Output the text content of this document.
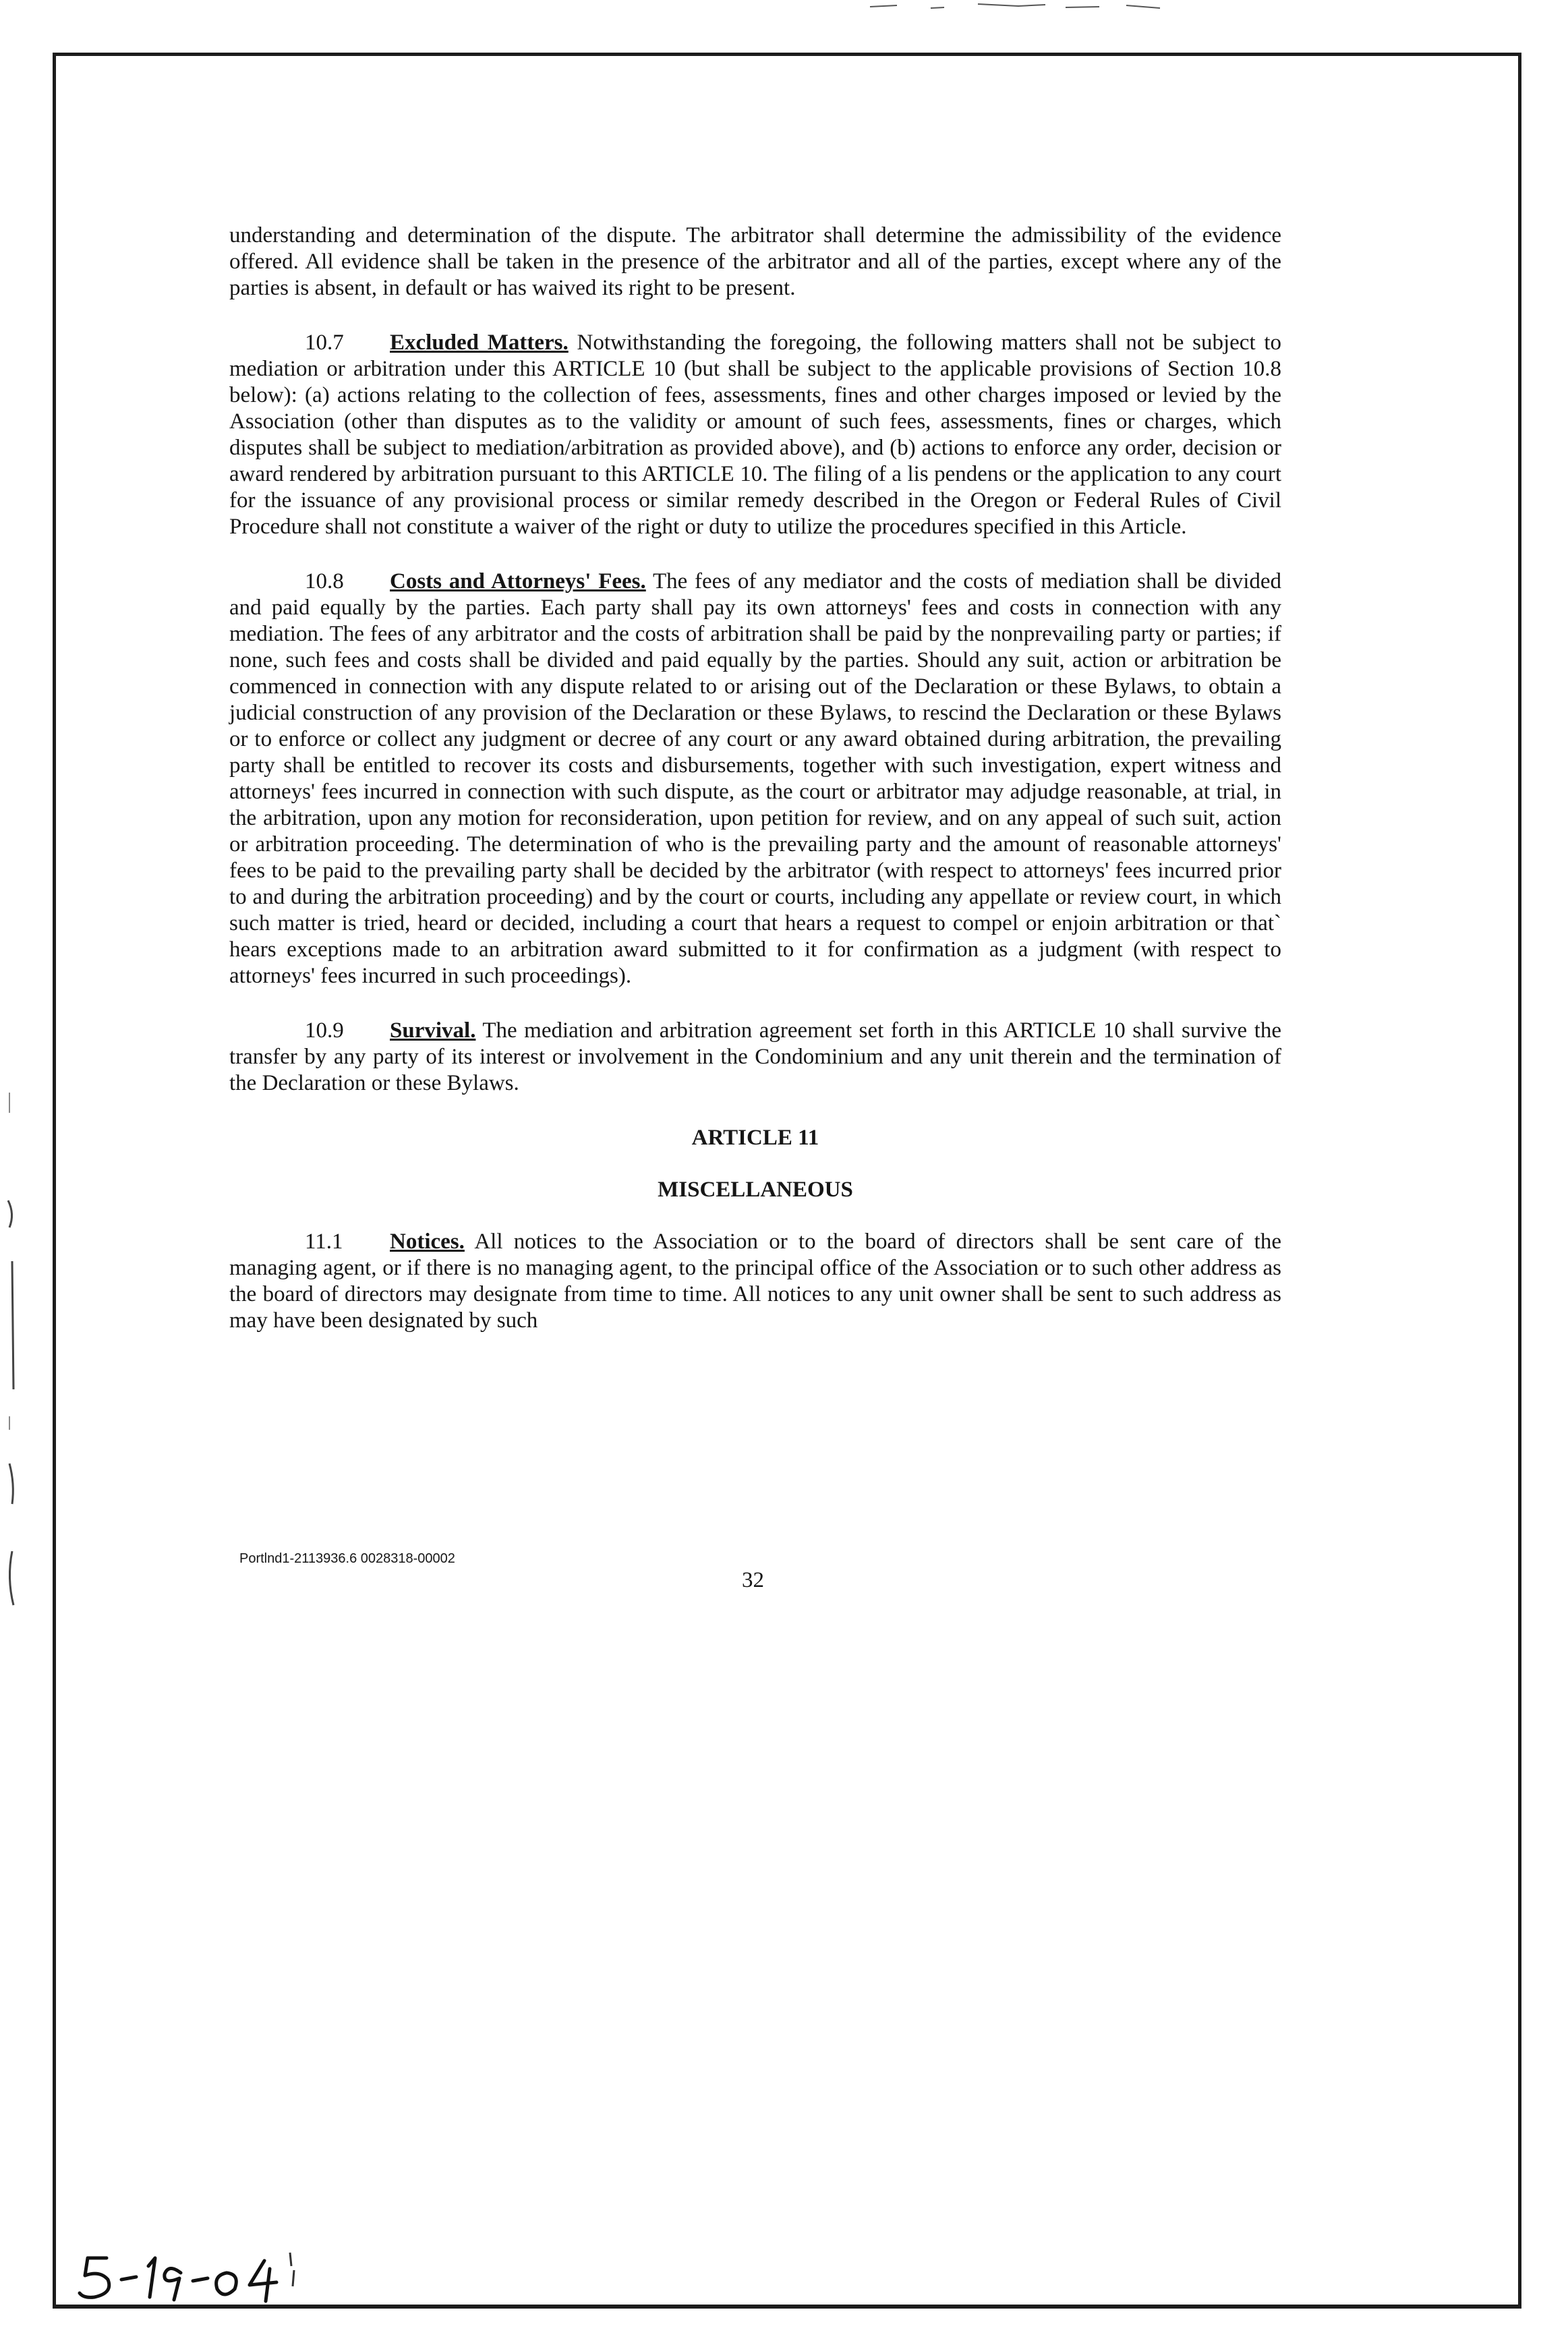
understanding and determination of the dispute. The arbitrator shall determine the admissibility of the evidence offered. All evidence shall be taken in the presence of the arbitrator and all of the parties, except where any of the parties is absent, in default or has waived its right to be present.

10.7 Excluded Matters. Notwithstanding the foregoing, the following matters shall not be subject to mediation or arbitration under this ARTICLE 10 (but shall be subject to the applicable provisions of Section 10.8 below): (a) actions relating to the collection of fees, assessments, fines and other charges imposed or levied by the Association (other than disputes as to the validity or amount of such fees, assessments, fines or charges, which disputes shall be subject to mediation/arbitration as provided above), and (b) actions to enforce any order, decision or award rendered by arbitration pursuant to this ARTICLE 10. The filing of a lis pendens or the application to any court for the issuance of any provisional process or similar remedy described in the Oregon or Federal Rules of Civil Procedure shall not constitute a waiver of the right or duty to utilize the procedures specified in this Article.

10.8 Costs and Attorneys' Fees. The fees of any mediator and the costs of mediation shall be divided and paid equally by the parties. Each party shall pay its own attorneys' fees and costs in connection with any mediation. The fees of any arbitrator and the costs of arbitration shall be paid by the nonprevailing party or parties; if none, such fees and costs shall be divided and paid equally by the parties. Should any suit, action or arbitration be commenced in connection with any dispute related to or arising out of the Declaration or these Bylaws, to obtain a judicial construction of any provision of the Declaration or these Bylaws, to rescind the Declaration or these Bylaws or to enforce or collect any judgment or decree of any court or any award obtained during arbitration, the prevailing party shall be entitled to recover its costs and disbursements, together with such investigation, expert witness and attorneys' fees incurred in connection with such dispute, as the court or arbitrator may adjudge reasonable, at trial, in the arbitration, upon any motion for reconsideration, upon petition for review, and on any appeal of such suit, action or arbitration proceeding. The determination of who is the prevailing party and the amount of reasonable attorneys' fees to be paid to the prevailing party shall be decided by the arbitrator (with respect to attorneys' fees incurred prior to and during the arbitration proceeding) and by the court or courts, including any appellate or review court, in which such matter is tried, heard or decided, including a court that hears a request to compel or enjoin arbitration or that` hears exceptions made to an arbitration award submitted to it for confirmation as a judgment (with respect to attorneys' fees incurred in such proceedings).

10.9 Survival. The mediation and arbitration agreement set forth in this ARTICLE 10 shall survive the transfer by any party of its interest or involvement in the Condominium and any unit therein and the termination of the Declaration or these Bylaws.

ARTICLE 11
MISCELLANEOUS

11.1 Notices. All notices to the Association or to the board of directors shall be sent care of the managing agent, or if there is no managing agent, to the principal office of the Association or to such other address as the board of directors may designate from time to time. All notices to any unit owner shall be sent to such address as may have been designated by such

Portlnd1-2113936.6 0028318-00002
32
